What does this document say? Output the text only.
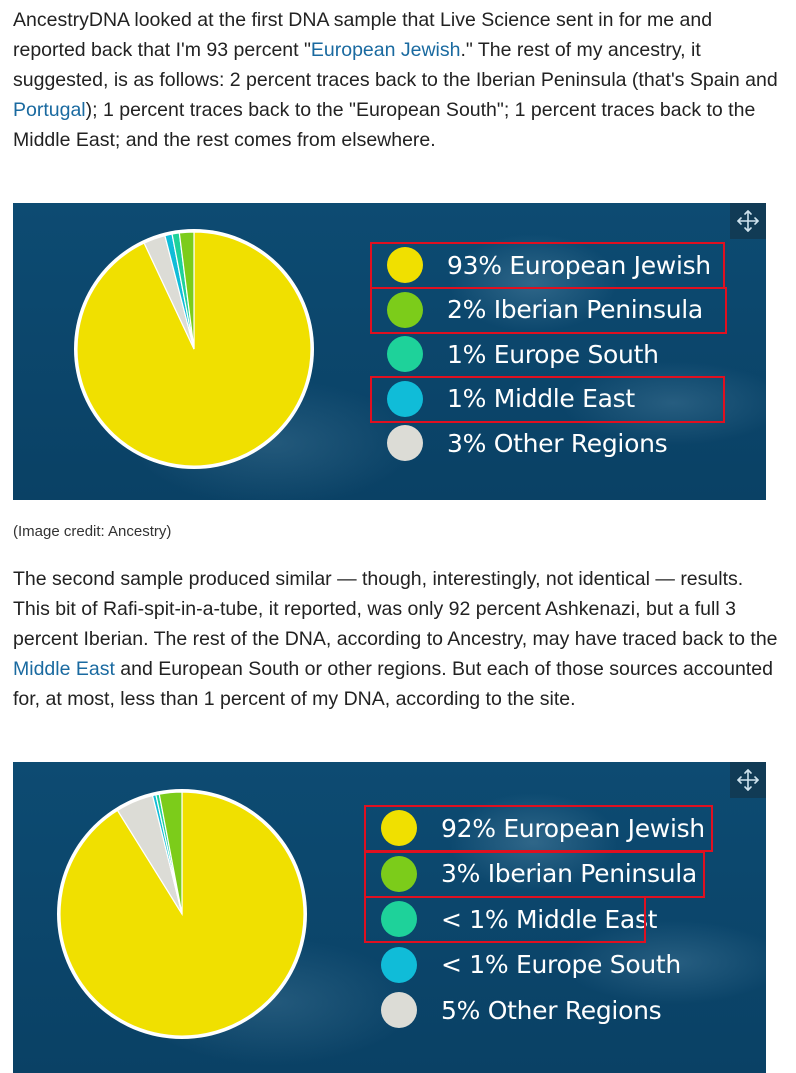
AncestryDNA looked at the first DNA sample that Live Science sent in for me and reported back that I'm 93 percent "European Jewish." The rest of my ancestry, it suggested, is as follows: 2 percent traces back to the Iberian Peninsula (that's Spain and Portugal); 1 percent traces back to the "European South"; 1 percent traces back to the Middle East; and the rest comes from elsewhere.

93% European Jewish
2% Iberian Peninsula
1% Europe South
1% Middle East
3% Other Regions
(Image credit: Ancestry)

The second sample produced similar — though, interestingly, not identical — results. This bit of Rafi-spit-in-a-tube, it reported, was only 92 percent Ashkenazi, but a full 3 percent Iberian. The rest of the DNA, according to Ancestry, may have traced back to the Middle East and European South or other regions. But each of those sources accounted for, at most, less than 1 percent of my DNA, according to the site.

92% European Jewish
3% Iberian Peninsula
< 1% Middle East
< 1% Europe South
5% Other Regions
